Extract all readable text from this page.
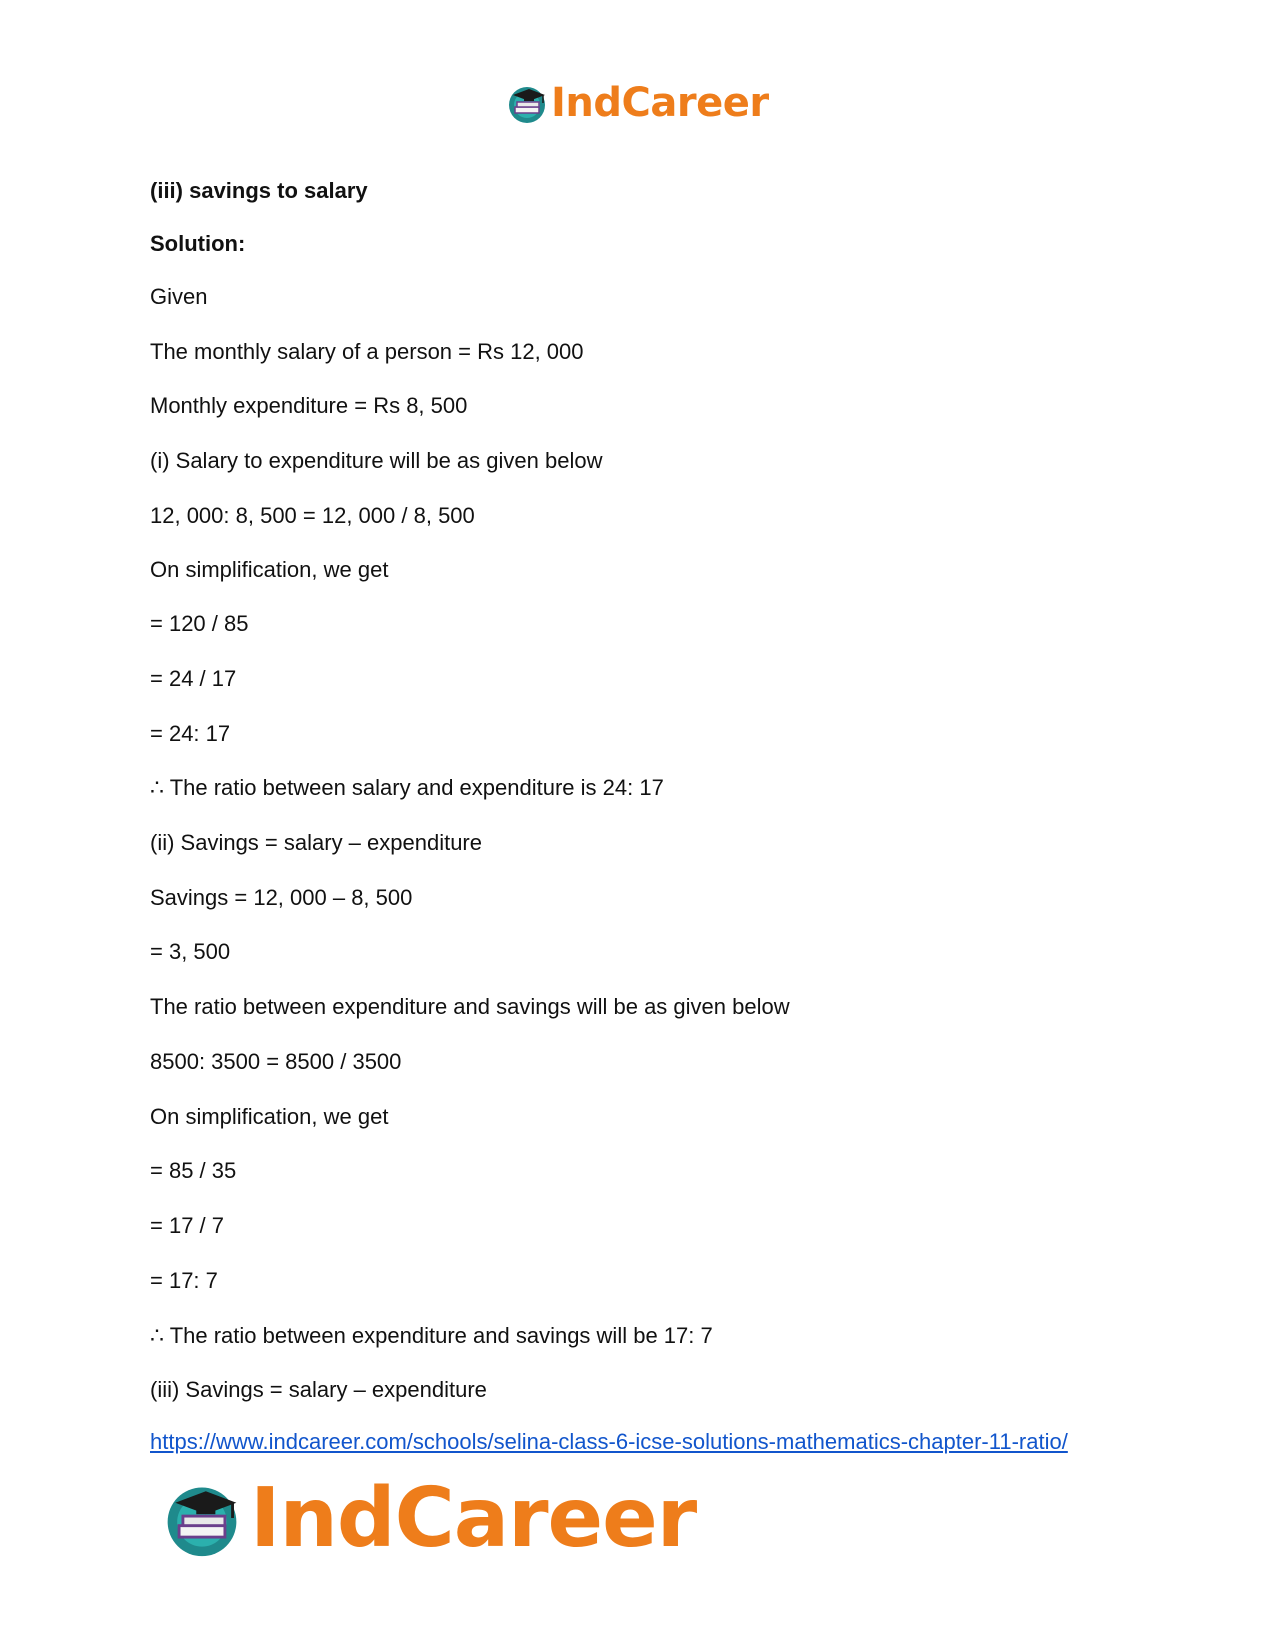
IndCareer
(iii) savings to salary
Solution:
Given
The monthly salary of a person = Rs 12, 000
Monthly expenditure = Rs 8, 500
(i) Salary to expenditure will be as given below
12, 000: 8, 500 = 12, 000 / 8, 500
On simplification, we get
= 120 / 85
= 24 / 17
= 24: 17
∴ The ratio between salary and expenditure is 24: 17
(ii) Savings = salary – expenditure
Savings = 12, 000 – 8, 500
= 3, 500
The ratio between expenditure and savings will be as given below
8500: 3500 = 8500 / 3500
On simplification, we get
= 85 / 35
= 17 / 7
= 17: 7
∴ The ratio between expenditure and savings will be 17: 7
(iii) Savings = salary – expenditure
https://www.indcareer.com/schools/selina-class-6-icse-solutions-mathematics-chapter-11-ratio/
IndCareer
